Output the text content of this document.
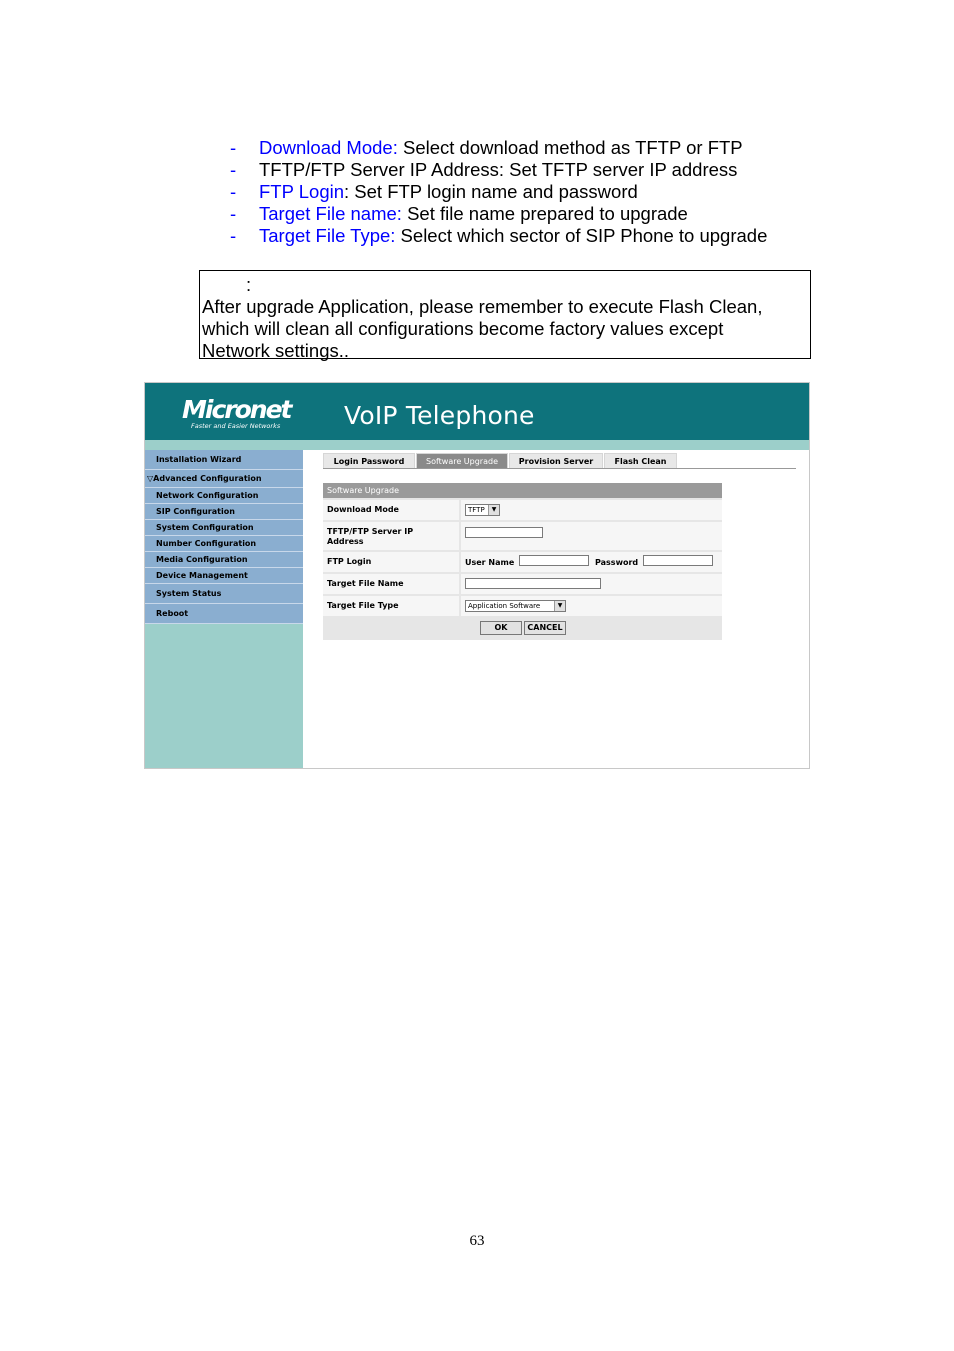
- Download Mode: Select download method as TFTP or FTP
- TFTP/FTP Server IP Address: Set TFTP server IP address
- FTP Login: Set FTP login name and password
- Target File name: Set file name prepared to upgrade
- Target File Type: Select which sector of SIP Phone to upgrade
:
After upgrade Application, please remember to execute Flash Clean,
which will clean all configurations become factory values except
Network settings..
Micronet
Faster and Easier Networks	VoIP Telephone
Installation Wizard
▽Advanced Configuration
Network Configuration
SIP Configuration
System Configuration
Number Configuration
Media Configuration
Device Management
System Status
Reboot
Login Password	Software Upgrade	Provision Server	Flash Clean
Software Upgrade
Download Mode	TFTP	▼
TFTP/FTP Server IP Address
FTP Login	User Name	Password
Target File Name
Target File Type	Application Software	▼
OK	CANCEL
63
